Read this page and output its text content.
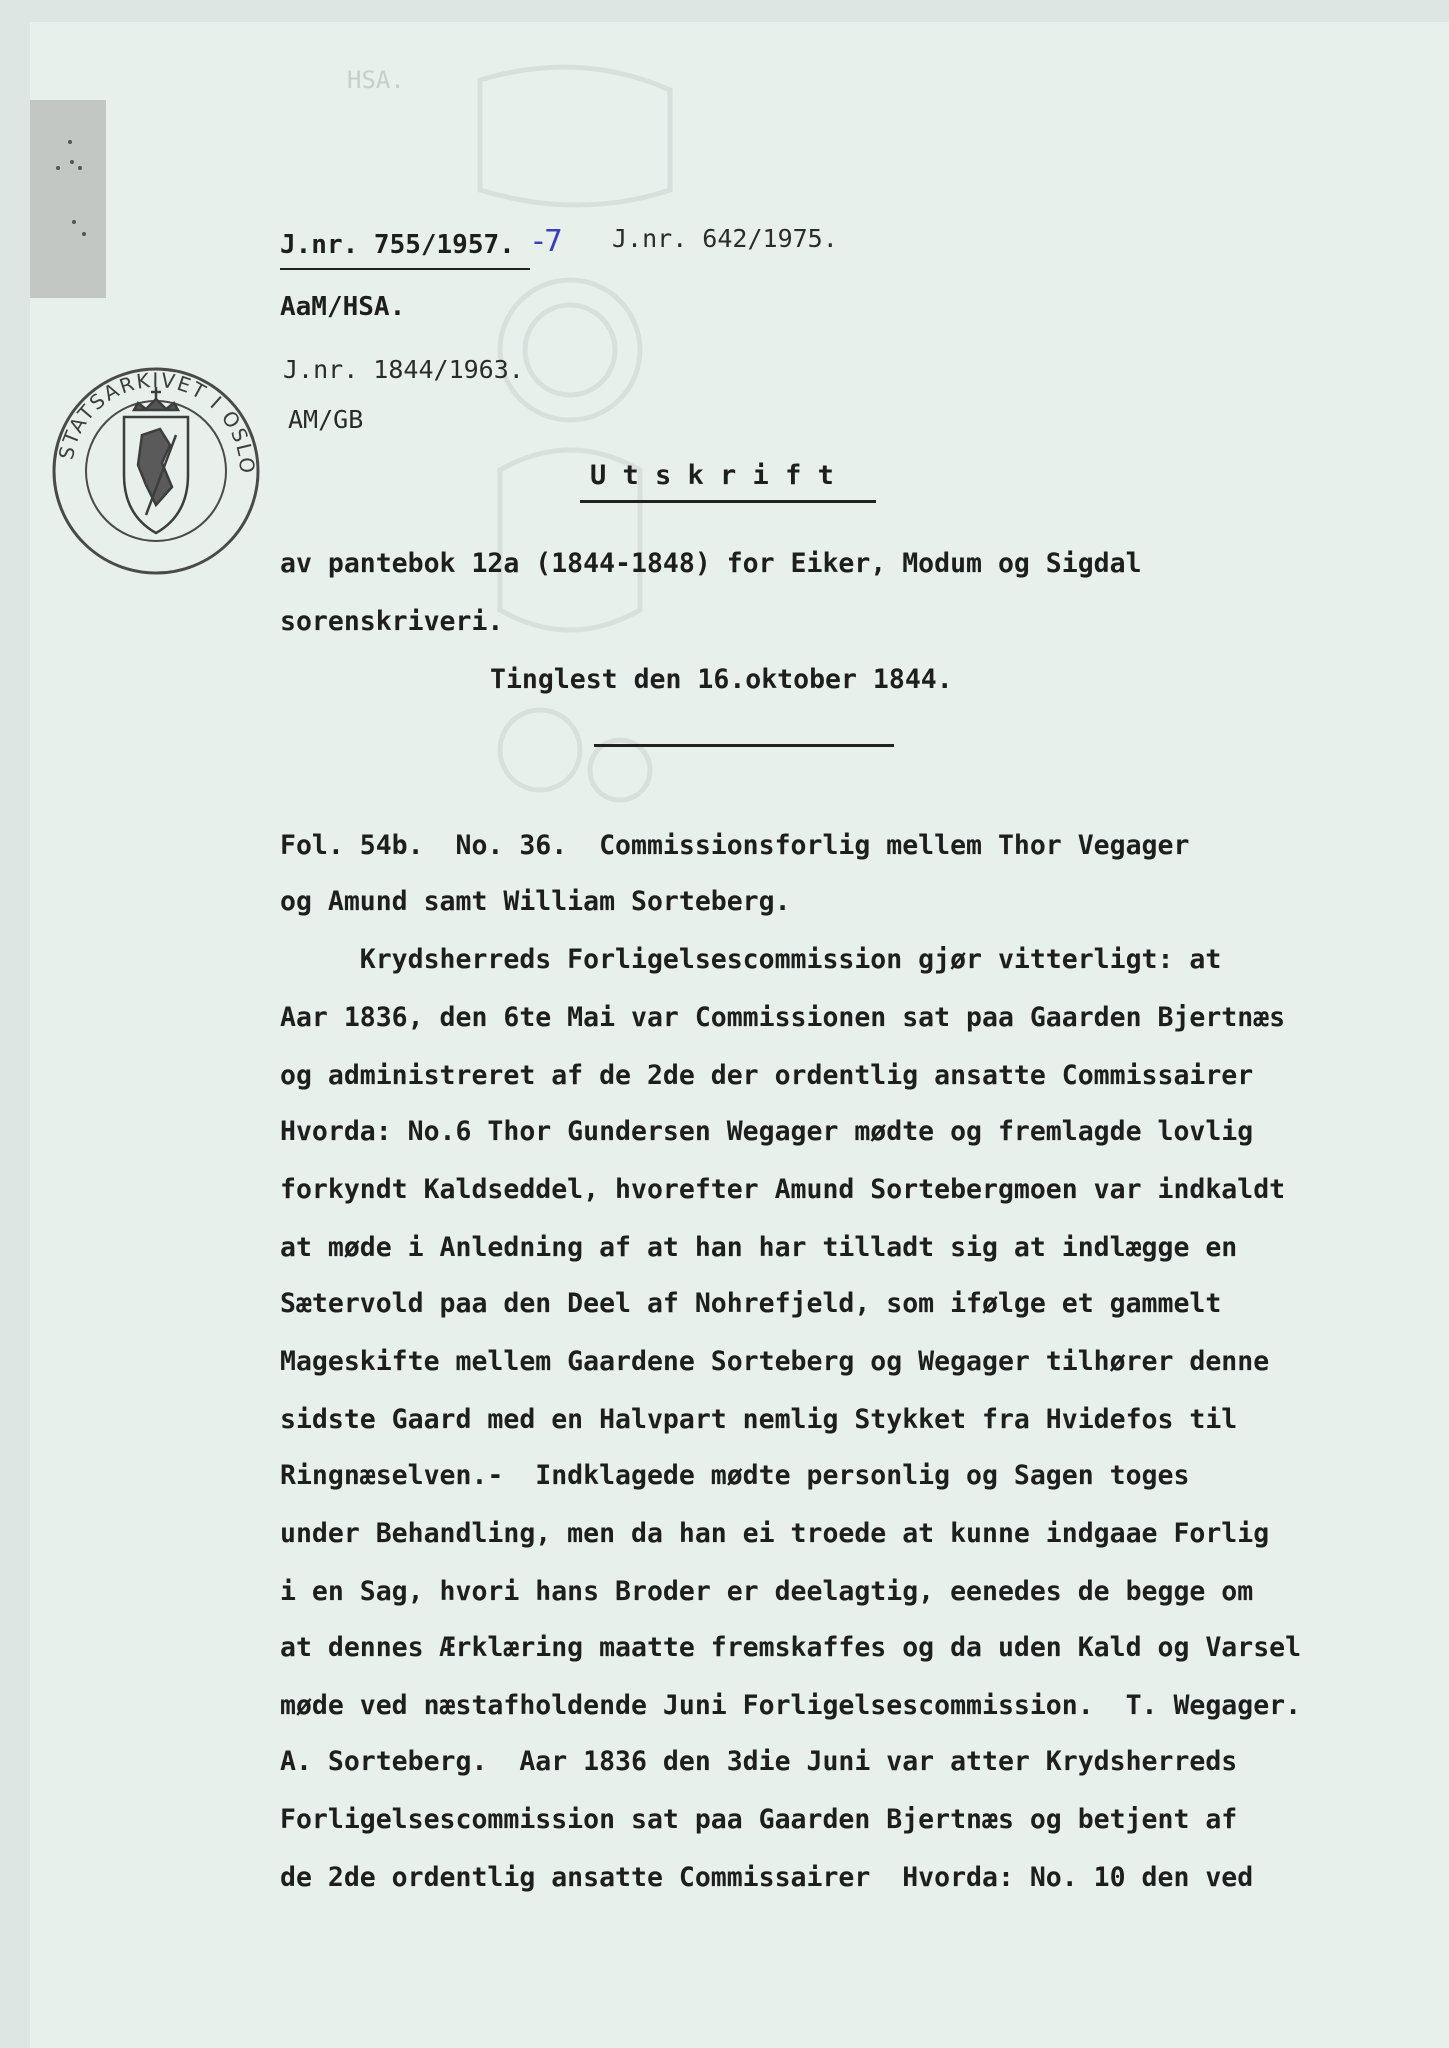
HSA.
J.nr. 755/1957. -7 J.nr. 642/1975.
AaM/HSA.
J.nr. 1844/1963.
AM/GB
STATSARKIVET I OSLO	U t s k r i f t
av pantebok 12a (1844-1848) for Eiker, Modum og Sigdal
sorenskriveri.
Tinglest den 16.oktober 1844.
Fol. 54b.  No. 36.  Commissionsforlig mellem Thor Vegager
og Amund samt William Sorteberg.
Krydsherreds Forligelsescommission gjør vitterligt: at
Aar 1836, den 6te Mai var Commissionen sat paa Gaarden Bjertnæs
og administreret af de 2de der ordentlig ansatte Commissairer
Hvorda: No.6 Thor Gundersen Wegager mødte og fremlagde lovlig
forkyndt Kaldseddel, hvorefter Amund Sortebergmoen var indkaldt
at møde i Anledning af at han har tilladt sig at indlægge en
Sætervold paa den Deel af Nohrefjeld, som ifølge et gammelt
Mageskifte mellem Gaardene Sorteberg og Wegager tilhører denne
sidste Gaard med en Halvpart nemlig Stykket fra Hvidefos til
Ringnæselven.-  Indklagede mødte personlig og Sagen toges
under Behandling, men da han ei troede at kunne indgaae Forlig
i en Sag, hvori hans Broder er deelagtig, eenedes de begge om
at dennes Ærklæring maatte fremskaffes og da uden Kald og Varsel
møde ved næstafholdende Juni Forligelsescommission.  T. Wegager.
A. Sorteberg.  Aar 1836 den 3die Juni var atter Krydsherreds
Forligelsescommission sat paa Gaarden Bjertnæs og betjent af
de 2de ordentlig ansatte Commissairer  Hvorda: No. 10 den ved
